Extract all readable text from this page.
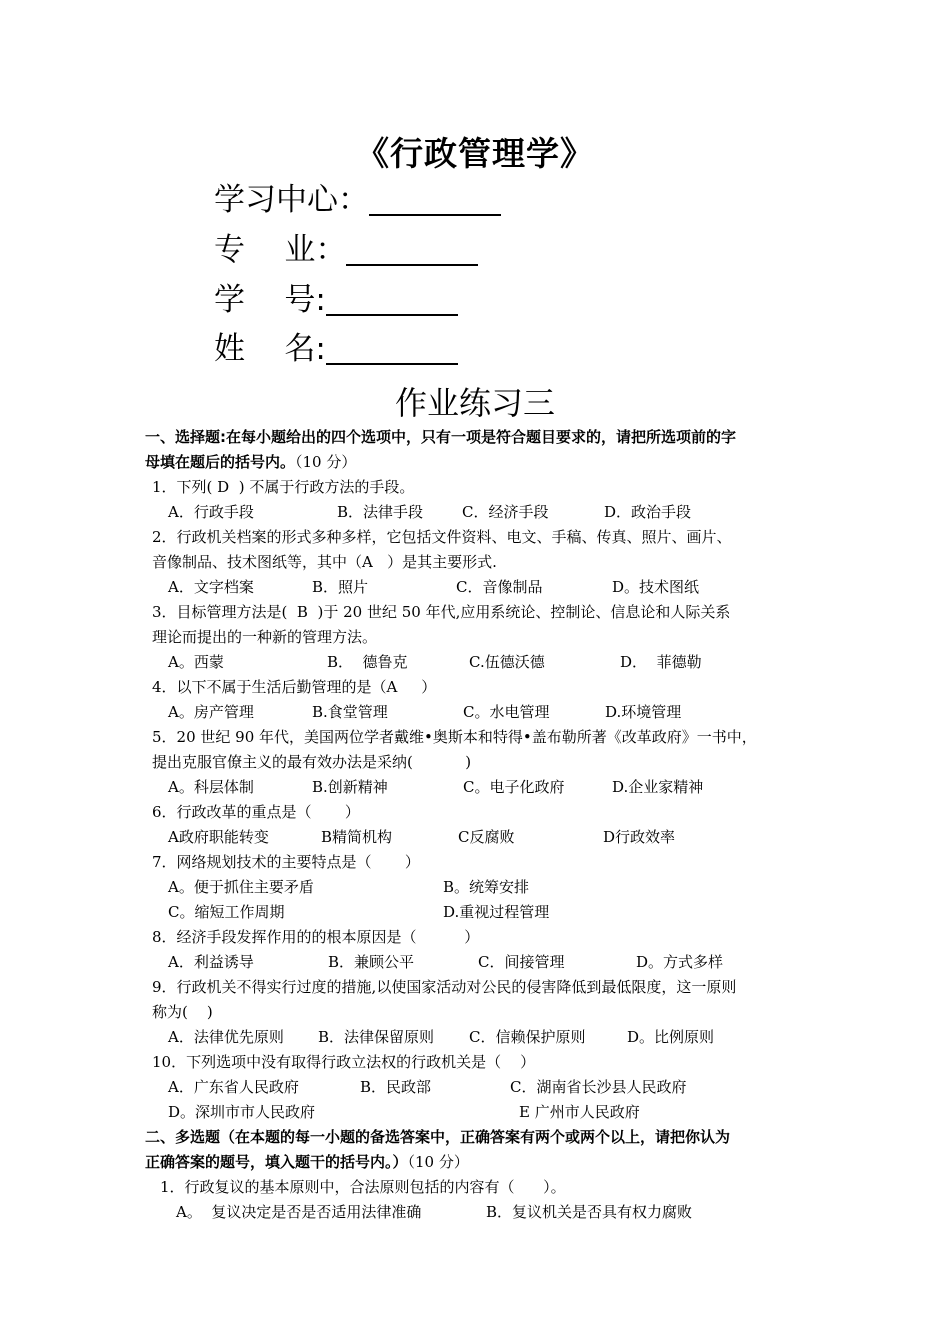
《行政管理学》
学习中心：
专    业：
学    号:
姓    名:
作业练习三
一、选择题:在每小题给出的四个选项中，只有一项是符合题目要求的，请把所选项前的字
母填在题后的括号内。（10 分）
1．下列( D  ) 不属于行政方法的手段。
A．行政手段	B．法律手段	C．经济手段	D．政治手段
2．行政机关档案的形式多种多样，它包括文件资料、电文、手稿、传真、照片、画片、
音像制品、技术图纸等，其中（A   ）是其主要形式.
A．文字档案	B．照片	C．音像制品	D。技术图纸
3．目标管理方法是(  B  )于 20 世纪 50 年代,应用系统论、控制论、信息论和人际关系
理论而提出的一种新的管理方法。
A。西蒙	B．  德鲁克	C.伍德沃德	D．  菲德勒
4．以下不属于生活后勤管理的是（A     ）
A。房产管理	B.食堂管理	C。水电管理	D.环境管理
5．20 世纪 90 年代，美国两位学者戴维•奥斯本和特得•盖布勒所著《改革政府》一书中，
提出克服官僚主义的最有效办法是采纳(           )
A。科层体制	B.创新精神	C。电子化政府	D.企业家精神
6．行政改革的重点是（       ）
A政府职能转变	B精简机构	C反腐败	D行政效率
7．网络规划技术的主要特点是（       ）
A。便于抓住主要矛盾	B。统筹安排
C。缩短工作周期	D.重视过程管理
8．经济手段发挥作用的的根本原因是（          ）
A．利益诱导	B．兼顾公平	C．间接管理	D。方式多样
9．行政机关不得实行过度的措施,以使国家活动对公民的侵害降低到最低限度，这一原则
称为(    )
A．法律优先原则 B．法律保留原则 C．信赖保护原则	D。比例原则
10．下列选项中没有取得行政立法权的行政机关是（    ）
A．广东省人民政府	B．民政部	C．湖南省长沙县人民政府
D。深圳市市人民政府	E 广州市人民政府
二、多选题（在本题的每一小题的备选答案中，正确答案有两个或两个以上，请把你认为
正确答案的题号，填入题干的括号内。）（10 分）
1．行政复议的基本原则中，合法原则包括的内容有（      ）。
A。  复议决定是否是否适用法律准确	B．复议机关是否具有权力腐败
